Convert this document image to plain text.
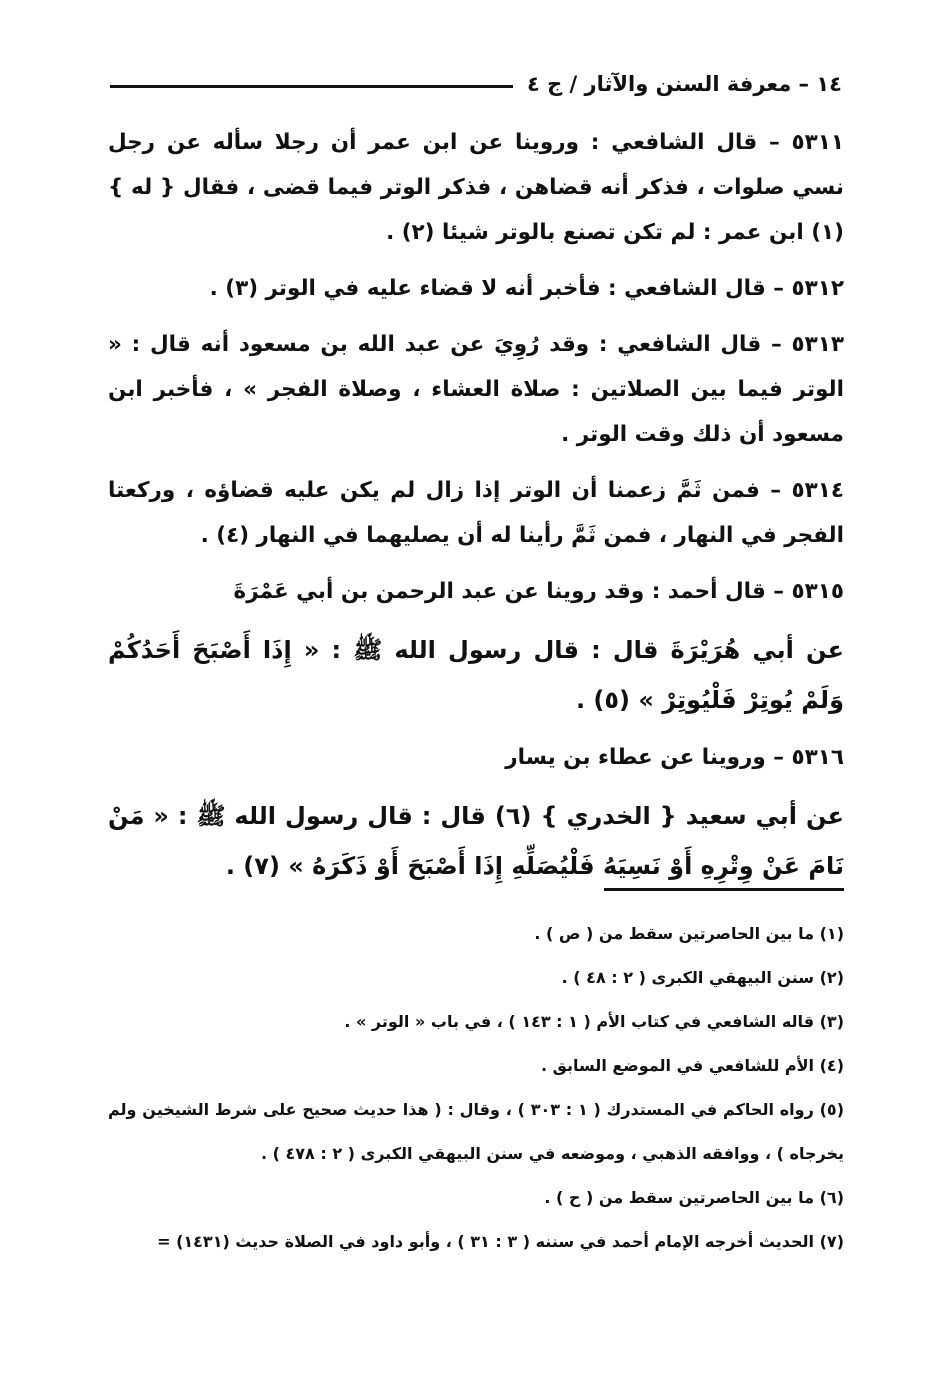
١٤ – معرفة السنن والآثار / ج ٤

٥٣١١ – قال الشافعي : وروينا عن ابن عمر أن رجلا سأله عن رجل نسي صلوات ، فذكر أنه قضاهن ، فذكر الوتر فيما قضى ، فقال { له } (١) ابن عمر : لم تكن تصنع بالوتر شيئا (٢) .

٥٣١٢ – قال الشافعي : فأخبر أنه لا قضاء عليه في الوتر (٣) .

٥٣١٣ – قال الشافعي : وقد رُوِيَ عن عبد الله بن مسعود أنه قال : « الوتر فيما بين الصلاتين : صلاة العشاء ، وصلاة الفجر » ، فأخبر ابن مسعود أن ذلك وقت الوتر .

٥٣١٤ – فمن ثَمَّ زعمنا أن الوتر إذا زال لم يكن عليه قضاؤه ، وركعتا الفجر في النهار ، فمن ثَمَّ رأينا له أن يصليهما في النهار (٤) .

٥٣١٥ – قال أحمد : وقد روينا عن عبد الرحمن بن أبي عَمْرَةَ

عن أبي هُرَيْرَةَ قال : قال رسول الله ﷺ : « إِذَا أَصْبَحَ أَحَدُكُمْ وَلَمْ يُوتِرْ فَلْيُوتِرْ » (٥) .

٥٣١٦ – وروينا عن عطاء بن يسار

عن أبي سعيد { الخدري } (٦) قال : قال رسول الله ﷺ : « مَنْ نَامَ عَنْ وِتْرِهِ أَوْ نَسِيَهُ فَلْيُصَلِّهِ إِذَا أَصْبَحَ أَوْ ذَكَرَهُ » (٧) .

(١) ما بين الحاصرتين سقط من ( ص ) .

(٢) سنن البيهقي الكبرى ( ٢ : ٤٨ ) .

(٣) قاله الشافعي في كتاب الأم ( ١ : ١٤٣ ) ، في باب « الوتر » .

(٤) الأم للشافعي في الموضع السابق .

(٥) رواه الحاكم في المستدرك ( ١ : ٣٠٣ ) ، وقال : ( هذا حديث صحيح على شرط الشيخين ولم يخرجاه ) ، ووافقه الذهبي ، وموضعه في سنن البيهقي الكبرى ( ٢ : ٤٧٨ ) .

(٦) ما بين الحاصرتين سقط من ( ح ) .

(٧) الحديث أخرجه الإمام أحمد في سننه ( ٣ : ٣١ ) ، وأبو داود في الصلاة حديث (١٤٣١) =
